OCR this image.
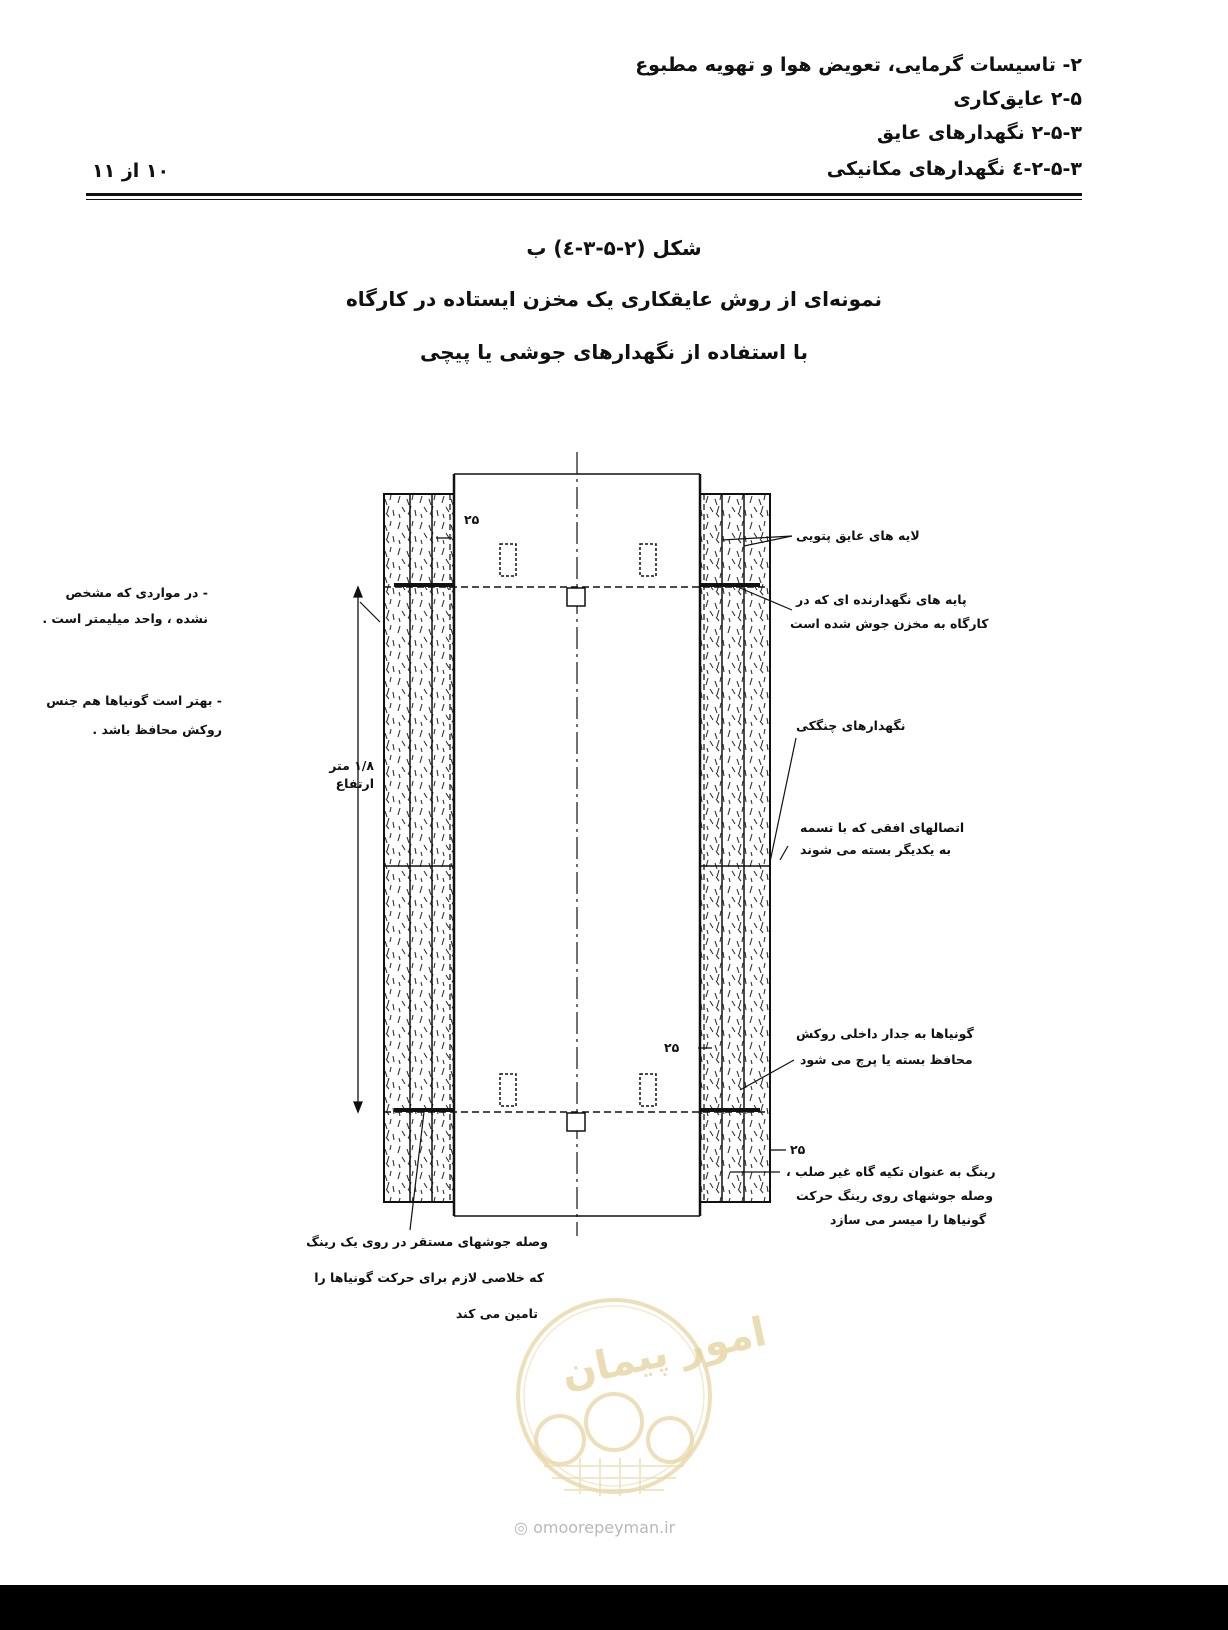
۲- تاسیسات گرمایی، تعویض هوا و تهویه مطبوع
۲-۵ عایق‌کاری
۲-۵-۳ نگهدارهای عایق
۲-۵-۳-٤ نگهدارهای مکانیکی
۱۰ از ۱۱
شکل (۲-۵-۳-٤) ب
نمونه‌ای از روش عایقکاری یک مخزن ایستاده در کارگاه
با استفاده از نگهدارهای جوشی یا پیچی
۲۵
- در مواردی که مشخص
نشده ، واحد میلیمتر است .
- بهتر است گونیاها هم جنس
روکش محافظ باشد .
۱/۸ متر
ارتفاع
لایه های عایق پتویی
پایه های نگهدارنده ای که در
کارگاه به مخزن جوش شده است
نگهدارهای چنگکی
اتصالهای افقی که با تسمه
به یکدیگر بسته می شوند
گونیاها به جدار داخلی روکش
محافظ بسته یا پرچ می شود
۲۵
۲۵
رینگ به عنوان تکیه گاه غیر صلب ،
وصله جوشهای روی رینگ حرکت
گونیاها را میسر می سازد
وصله جوشهای مستقر در روی یک رینگ
که خلاصی لازم برای حرکت گونیاها را
تامین می کند امور پیمان
◎ omoorepeyman.ir
